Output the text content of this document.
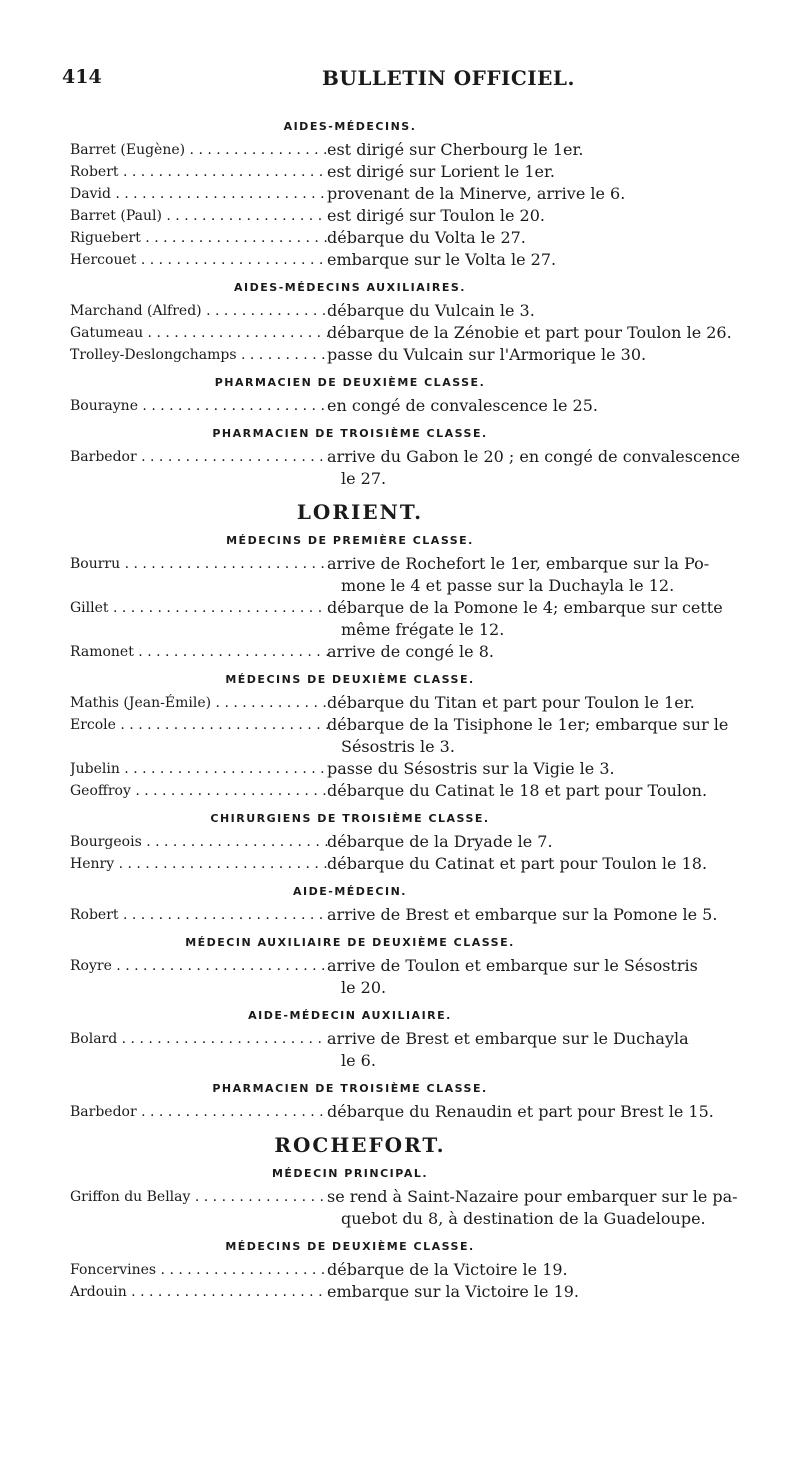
414	BULLETIN OFFICIEL.
AIDES-MÉDECINS.
Barret (Eugène) . . .	est dirigé sur Cherbourg le 1er.
Robert . . .	est dirigé sur Lorient le 1er.
David . . .	provenant de la Minerve, arrive le 6.
Barret (Paul) . . .	est dirigé sur Toulon le 20.
Riguebert . . .	débarque du Volta le 27.
Hercouet . . .	embarque sur le Volta le 27.
AIDES-MÉDECINS AUXILIAIRES.
Marchand (Alfred) . . .	débarque du Vulcain le 3.
Gatumeau . . .	débarque de la Zénobie et part pour Toulon le 26.
Trolley-Deslongchamps . . .	passe du Vulcain sur l'Armorique le 30.
PHARMACIEN DE DEUXIÈME CLASSE.
Bourayne . . .	en congé de convalescence le 25.
PHARMACIEN DE TROISIÈME CLASSE.
Barbedor . . .	arrive du Gabon le 20 ; en congé de convalescence
le 27.
LORIENT.
MÉDECINS DE PREMIÈRE CLASSE.
Bourru . . .	arrive de Rochefort le 1er, embarque sur la Po-
mone le 4 et passe sur la Duchayla le 12.
Gillet . . .	débarque de la Pomone le 4; embarque sur cette
même frégate le 12.
Ramonet . . .	arrive de congé le 8.
MÉDECINS DE DEUXIÈME CLASSE.
Mathis (Jean-Émile) . . .	débarque du Titan et part pour Toulon le 1er.
Ercole . . .	débarque de la Tisiphone le 1er; embarque sur le
Sésostris le 3.
Jubelin . . .	passe du Sésostris sur la Vigie le 3.
Geoffroy . . .	débarque du Catinat le 18 et part pour Toulon.
CHIRURGIENS DE TROISIÈME CLASSE.
Bourgeois . . .	débarque de la Dryade le 7.
Henry . . .	débarque du Catinat et part pour Toulon le 18.
AIDE-MÉDECIN.
Robert . . .	arrive de Brest et embarque sur la Pomone le 5.
MÉDECIN AUXILIAIRE DE DEUXIÈME CLASSE.
Royre . . .	arrive de Toulon et embarque sur le Sésostris
le 20.
AIDE-MÉDECIN AUXILIAIRE.
Bolard . . .	arrive de Brest et embarque sur le Duchayla
le 6.
PHARMACIEN DE TROISIÈME CLASSE.
Barbedor . . .	débarque du Renaudin et part pour Brest le 15.
ROCHEFORT.
MÉDECIN PRINCIPAL.
Griffon du Bellay . . .	se rend à Saint-Nazaire pour embarquer sur le pa-
quebot du 8, à destination de la Guadeloupe.
MÉDECINS DE DEUXIÈME CLASSE.
Foncervines . . .	débarque de la Victoire le 19.
Ardouin . . .	embarque sur la Victoire le 19.
